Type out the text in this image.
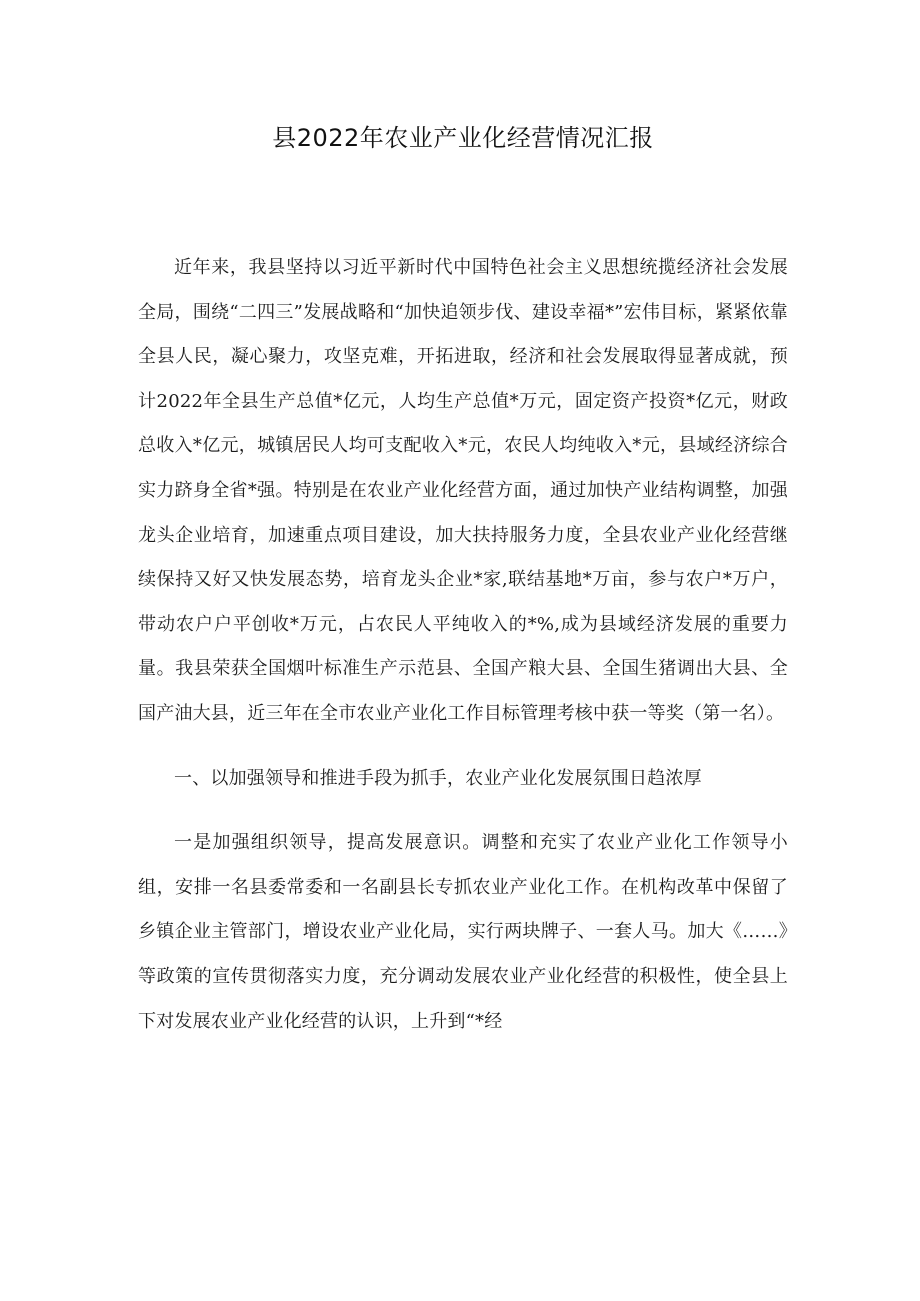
县2022年农业产业化经营情况汇报

近年来，我县坚持以习近平新时代中国特色社会主义思想统揽经济社会发展全局，围绕“二四三”发展战略和“加快追领步伐、建设幸福*”宏伟目标，紧紧依靠全县人民，凝心聚力，攻坚克难，开拓进取，经济和社会发展取得显著成就，预计2022年全县生产总值*亿元，人均生产总值*万元，固定资产投资*亿元，财政总收入*亿元，城镇居民人均可支配收入*元，农民人均纯收入*元，县域经济综合实力跻身全省*强。特别是在农业产业化经营方面，通过加快产业结构调整，加强龙头企业培育，加速重点项目建设，加大扶持服务力度，全县农业产业化经营继续保持又好又快发展态势，培育龙头企业*家,联结基地*万亩，参与农户*万户，带动农户户平创收*万元，占农民人平纯收入的*%,成为县域经济发展的重要力量。我县荣获全国烟叶标准生产示范县、全国产粮大县、全国生猪调出大县、全国产油大县，近三年在全市农业产业化工作目标管理考核中获一等奖（第一名）。

一、以加强领导和推进手段为抓手，农业产业化发展氛围日趋浓厚

一是加强组织领导，提高发展意识。调整和充实了农业产业化工作领导小组，安排一名县委常委和一名副县长专抓农业产业化工作。在机构改革中保留了乡镇企业主管部门，增设农业产业化局，实行两块牌子、一套人马。加大《……》等政策的宣传贯彻落实力度，充分调动发展农业产业化经营的积极性，使全县上下对发展农业产业化经营的认识，上升到“*经
